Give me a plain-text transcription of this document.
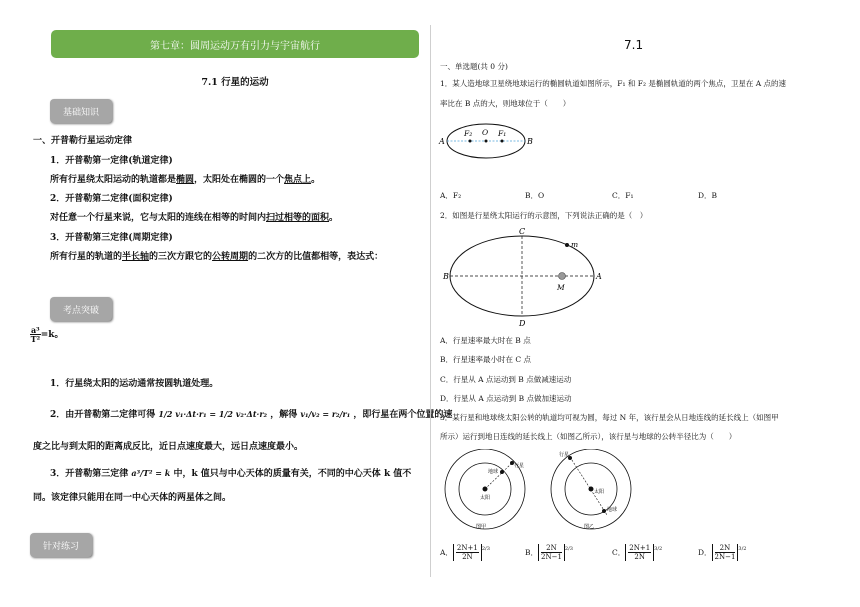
第七章：圆周运动万有引力与宇宙航行
7.1 行星的运动
基础知识
一、开普勒行星运动定律
1．开普勒第一定律(轨道定律)
所有行星绕太阳运动的轨道都是椭圆，太阳处在椭圆的一个焦点上。
2．开普勒第二定律(面积定律)
对任意一个行星来说，它与太阳的连线在相等的时间内扫过相等的面积。
3．开普勒第三定律(周期定律)
所有行星的轨道的半长轴的三次方跟它的公转周期的二次方的比值都相等，表达式：
考点突破
$\frac{\text{a³}}{\text{T²}} =k$。
1．行星绕太阳的运动通常按圆轨道处理。
2．由开普勒第二定律可得 1/2 v₁·Δt·r₁ = 1/2 v₂·Δt·r₂ ，解得 v₁/v₂ = r₂/r₁ ，即行星在两个位置的速
度之比与到太阳的距离成反比，近日点速度最大，远日点速度最小。
3．开普勒第三定律 a³/T² = k 中，k 值只与中心天体的质量有关，不同的中心天体 k 值不
同。该定律只能用在同一中心天体的两星体之间。
针对练习
7.1
一、单选题(共 0 分)
1．某人造地球卫星绕地球运行的椭圆轨道如图所示，F₁ 和 F₂ 是椭圆轨道的两个焦点，卫星在 A 点的速
率比在 B 点的大，则地球位于（　　）
A
F₂ O F₁
B
A．F₂	B．O	C．F₁	D．B
2．如图是行星绕太阳运行的示意图，下列说法正确的是（　）
C
D
A
B
m
M
A．行星速率最大时在 B 点
B．行星速率最小时在 C 点
C．行星从 A 点运动到 B 点做减速运动
D．行星从 A 点运动到 B 点做加速运动
3．某行星和地球绕太阳公转的轨道均可视为圆，每过 N 年，该行星会从日地连线的延长线上（如图甲
所示）运行到地日连线的延长线上（如图乙所示），该行星与地球的公转半径比为（　　）
行星
地球
太阳
图甲
行星
地球
太阳
图乙
A． $\frac{2N+1}{2N} ^{2/3}$	B． $\frac{2N}{2N-1} ^{2/3}$	C． $\frac{2N+1}{2N} ^{3/2}$	D． $\frac{2N}{2N-1} ^{3/2}$
